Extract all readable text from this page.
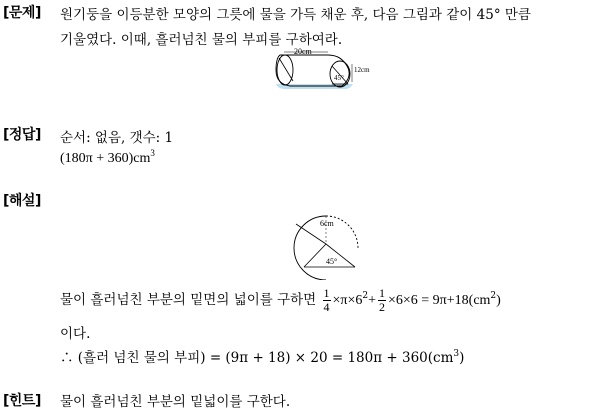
[문제] 원기둥을 이등분한 모양의 그릇에 물을 가득 채운 후, 다음 그림과 같이 45° 만큼
기울였다. 이때, 흘러넘친 물의 부피를 구하여라.
20cm
12cm
45°
[정답] 순서: 없음, 갯수: 1
$(180\pi + 360)cm^3$
[해설]
6cm
45°
물이 흘러넘친 부분의 밑면의 넓이를 구하면 $\frac{1}{4} \times\pi\times 6^2+ \frac{1}{2} \times 6\times 6 = 9\pi+18(cm^2)$
이다.
∴ (흘러 넘친 물의 부피) = $(9\pi + 18) \times 20 = 180\pi + 360(cm^3)$
[힌트] 물이 흘러넘친 부분의 밑넓이를 구한다.
